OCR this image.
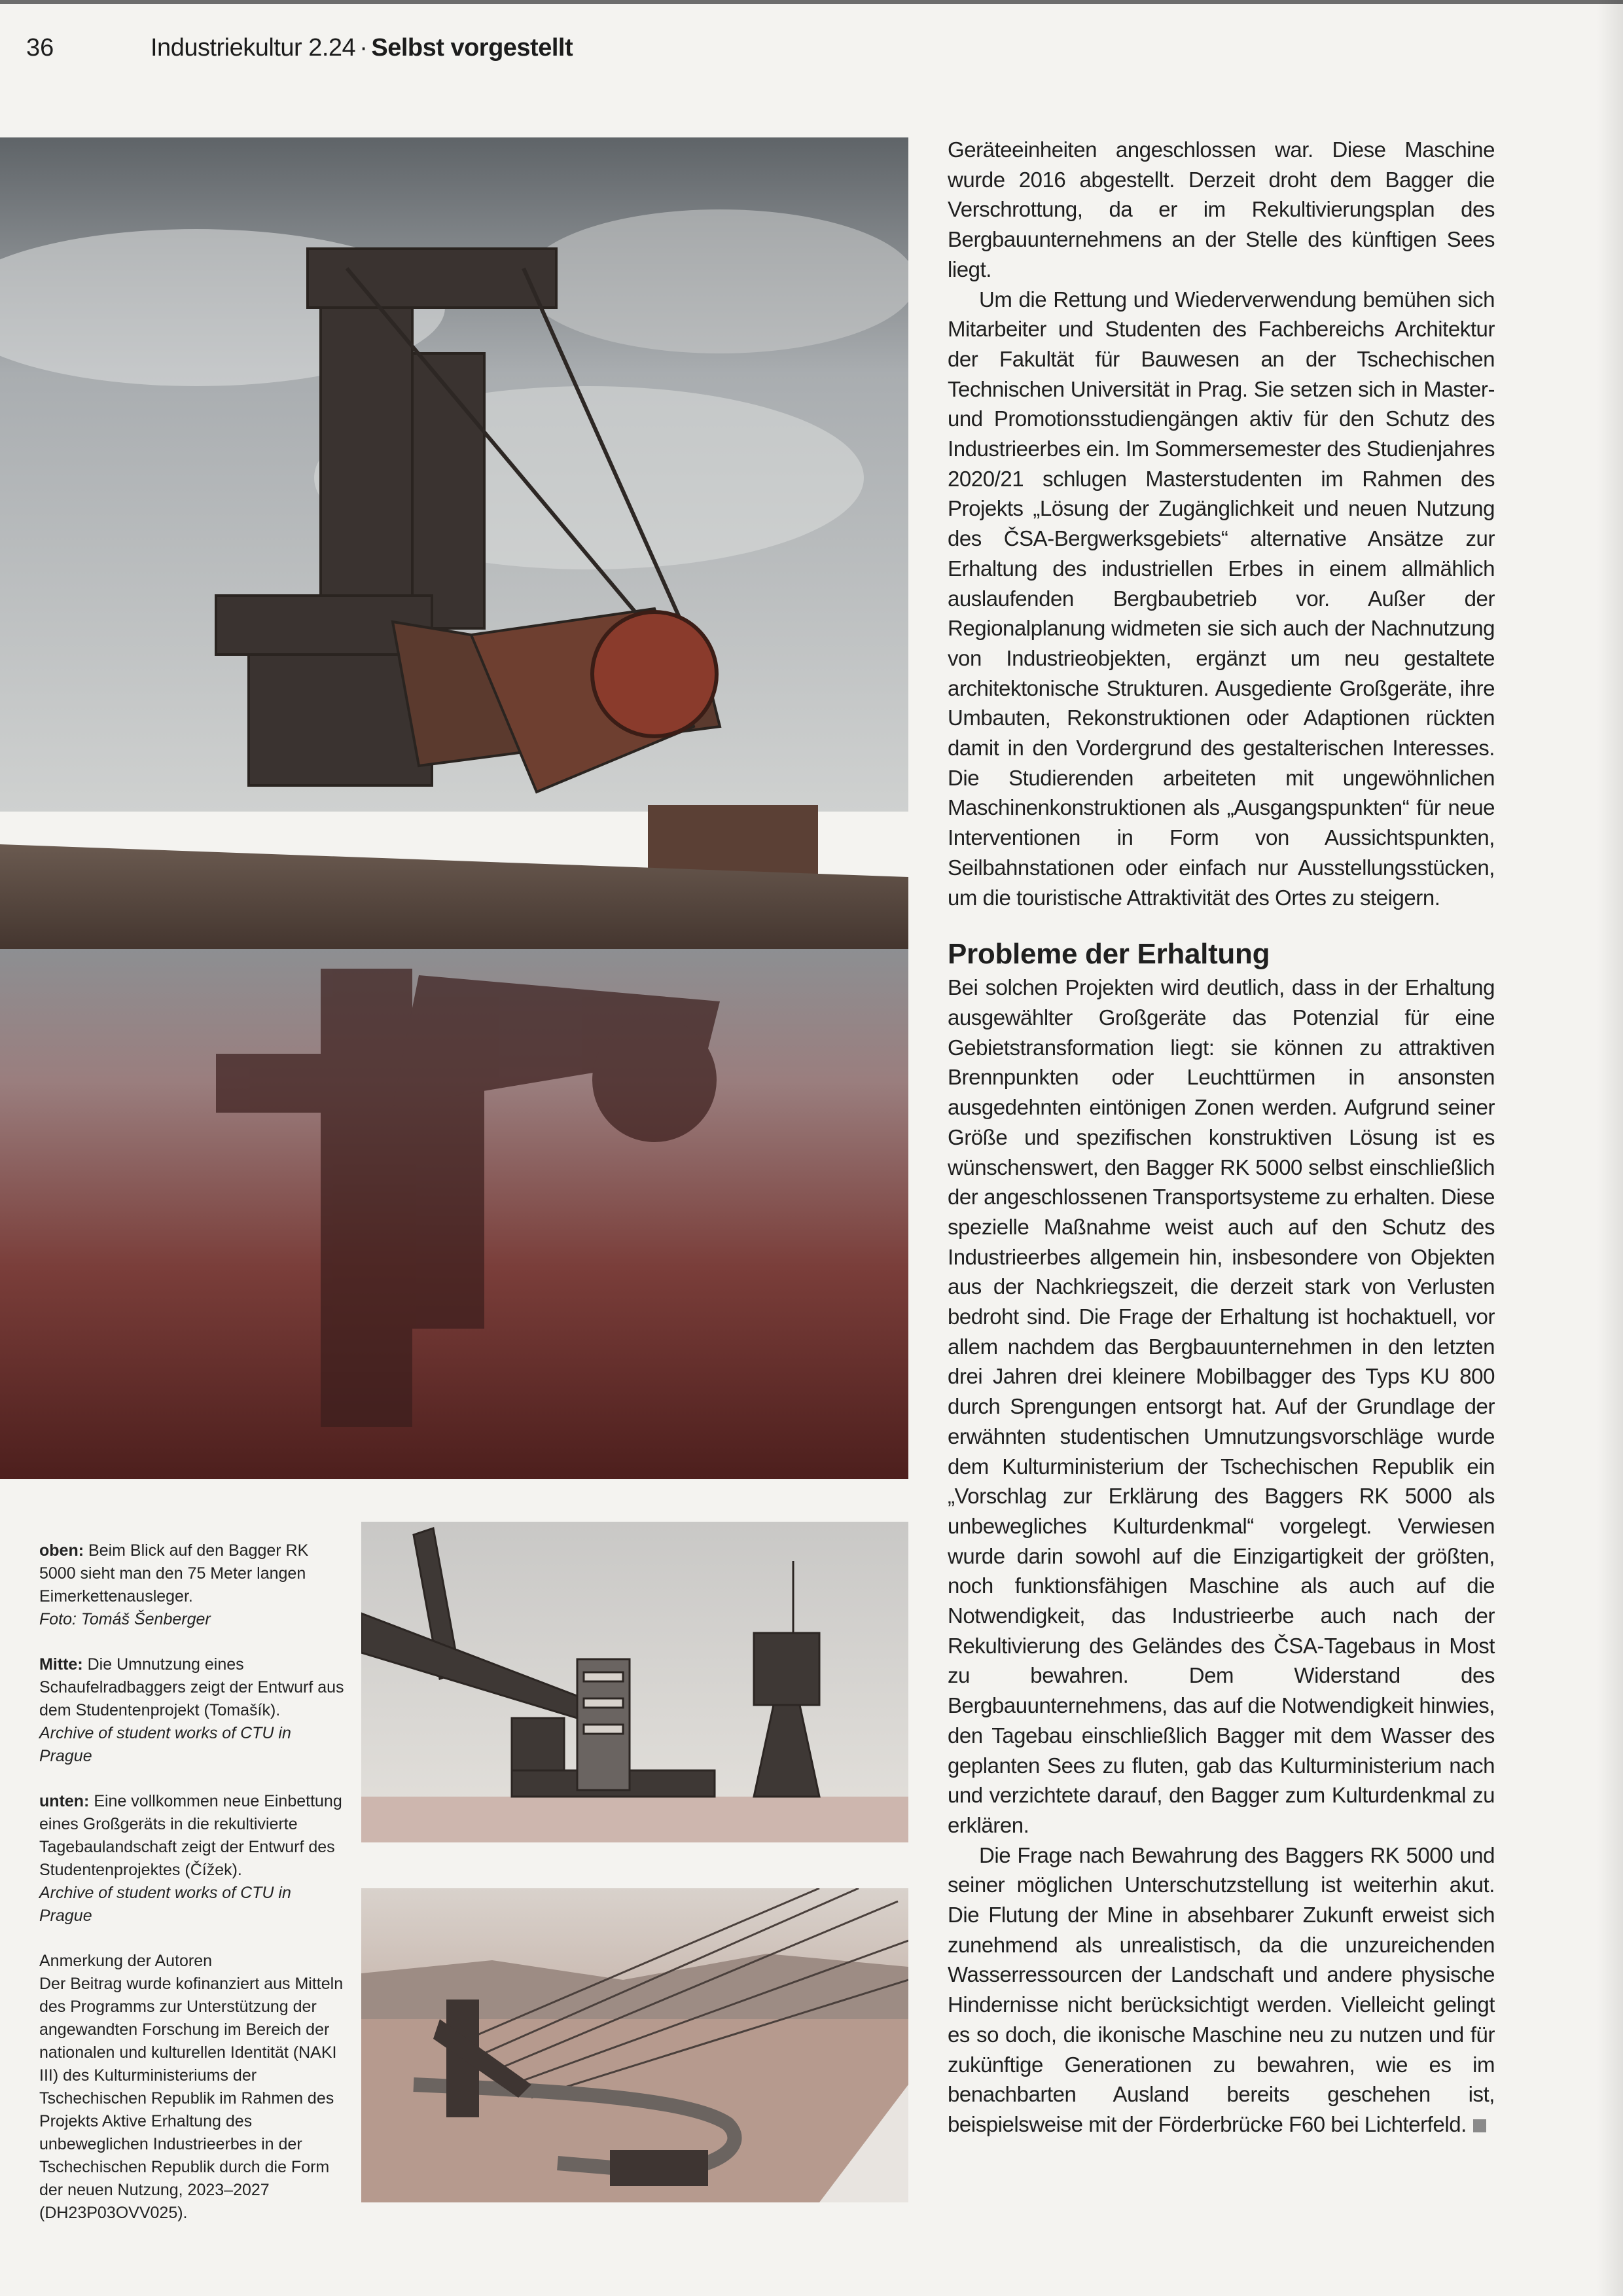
36	Industriekultur 2.24 · Selbst vorgestellt
oben: Beim Blick auf den Bagger RK 5000 sieht man den 75 Meter langen Eimerkettenausleger.
Foto: Tomáš Šenberger
Mitte: Die Umnutzung eines Schaufelradbaggers zeigt der Entwurf aus dem Studentenprojekt (Tomašík).
Archive of student works of CTU in Prague
unten: Eine vollkommen neue Einbettung eines Großgeräts in die rekultivierte Tagebaulandschaft zeigt der Entwurf des Studentenprojektes (Čížek).
Archive of student works of CTU in Prague
Anmerkung der Autoren
Der Beitrag wurde kofinanziert aus Mitteln des Programms zur Unterstützung der angewandten Forschung im Bereich der nationalen und kulturellen Identität (NAKI III) des Kulturministeriums der Tschechischen Republik im Rahmen des Projekts Aktive Erhaltung des unbeweglichen Industrieerbes in der Tschechischen Republik durch die Form der neuen Nutzung, 2023–2027 (DH23P03OVV025).

Geräteeinheiten angeschlossen war. Diese Maschine wurde 2016 abgestellt. Derzeit droht dem Bagger die Verschrottung, da er im Rekultivierungsplan des Bergbauunternehmens an der Stelle des künftigen Sees liegt.

Um die Rettung und Wiederverwendung bemühen sich Mitarbeiter und Studenten des Fachbereichs Architektur der Fakultät für Bauwesen an der Tschechischen Technischen Universität in Prag. Sie setzen sich in Master- und Promotionsstudiengängen aktiv für den Schutz des Industrieerbes ein. Im Sommersemester des Studienjahres 2020/21 schlugen Masterstudenten im Rahmen des Projekts „Lösung der Zugänglichkeit und neuen Nutzung des ČSA-Bergwerksgebiets“ alternative Ansätze zur Erhaltung des industriellen Erbes in einem allmählich auslaufenden Bergbaubetrieb vor. Außer der Regionalplanung widmeten sie sich auch der Nachnutzung von Industrieobjekten, ergänzt um neu gestaltete architektonische Strukturen. Ausgediente Großgeräte, ihre Umbauten, Rekonstruktionen oder Adaptionen rückten damit in den Vordergrund des gestalterischen Interesses. Die Studierenden arbeiteten mit ungewöhnlichen Maschinenkonstruktionen als „Ausgangspunkten“ für neue Interventionen in Form von Aussichtspunkten, Seilbahnstationen oder einfach nur Ausstellungsstücken, um die touristische Attraktivität des Ortes zu steigern.

Probleme der Erhaltung

Bei solchen Projekten wird deutlich, dass in der Erhaltung ausgewählter Großgeräte das Potenzial für eine Gebietstransformation liegt: sie können zu attraktiven Brennpunkten oder Leuchttürmen in ansonsten ausgedehnten eintönigen Zonen werden. Aufgrund seiner Größe und spezifischen konstruktiven Lösung ist es wünschenswert, den Bagger RK 5000 selbst einschließlich der angeschlossenen Transportsysteme zu erhalten. Diese spezielle Maßnahme weist auch auf den Schutz des Industrieerbes allgemein hin, insbesondere von Objekten aus der Nachkriegszeit, die derzeit stark von Verlusten bedroht sind. Die Frage der Erhaltung ist hochaktuell, vor allem nachdem das Bergbauunternehmen in den letzten drei Jahren drei kleinere Mobilbagger des Typs KU 800 durch Sprengungen entsorgt hat. Auf der Grundlage der erwähnten studentischen Umnutzungsvorschläge wurde dem Kulturministerium der Tschechischen Republik ein „Vorschlag zur Erklärung des Baggers RK 5000 als unbewegliches Kulturdenkmal“ vorgelegt. Verwiesen wurde darin sowohl auf die Einzigartigkeit der größten, noch funktionsfähigen Maschine als auch auf die Notwendigkeit, das Industrieerbe auch nach der Rekultivierung des Geländes des ČSA-Tagebaus in Most zu bewahren. Dem Widerstand des Bergbauunternehmens, das auf die Notwendigkeit hinwies, den Tagebau einschließlich Bagger mit dem Wasser des geplanten Sees zu fluten, gab das Kulturministerium nach und verzichtete darauf, den Bagger zum Kulturdenkmal zu erklären.

Die Frage nach Bewahrung des Baggers RK 5000 und seiner möglichen Unterschutzstellung ist weiterhin akut. Die Flutung der Mine in absehbarer Zukunft erweist sich zunehmend als unrealistisch, da die unzureichenden Wasserressourcen der Landschaft und andere physische Hindernisse nicht berücksichtigt werden. Vielleicht gelingt es so doch, die ikonische Maschine neu zu nutzen und für zukünftige Generationen zu bewahren, wie es im benachbarten Ausland bereits geschehen ist, beispielsweise mit der Förderbrücke F60 bei Lichterfeld.
